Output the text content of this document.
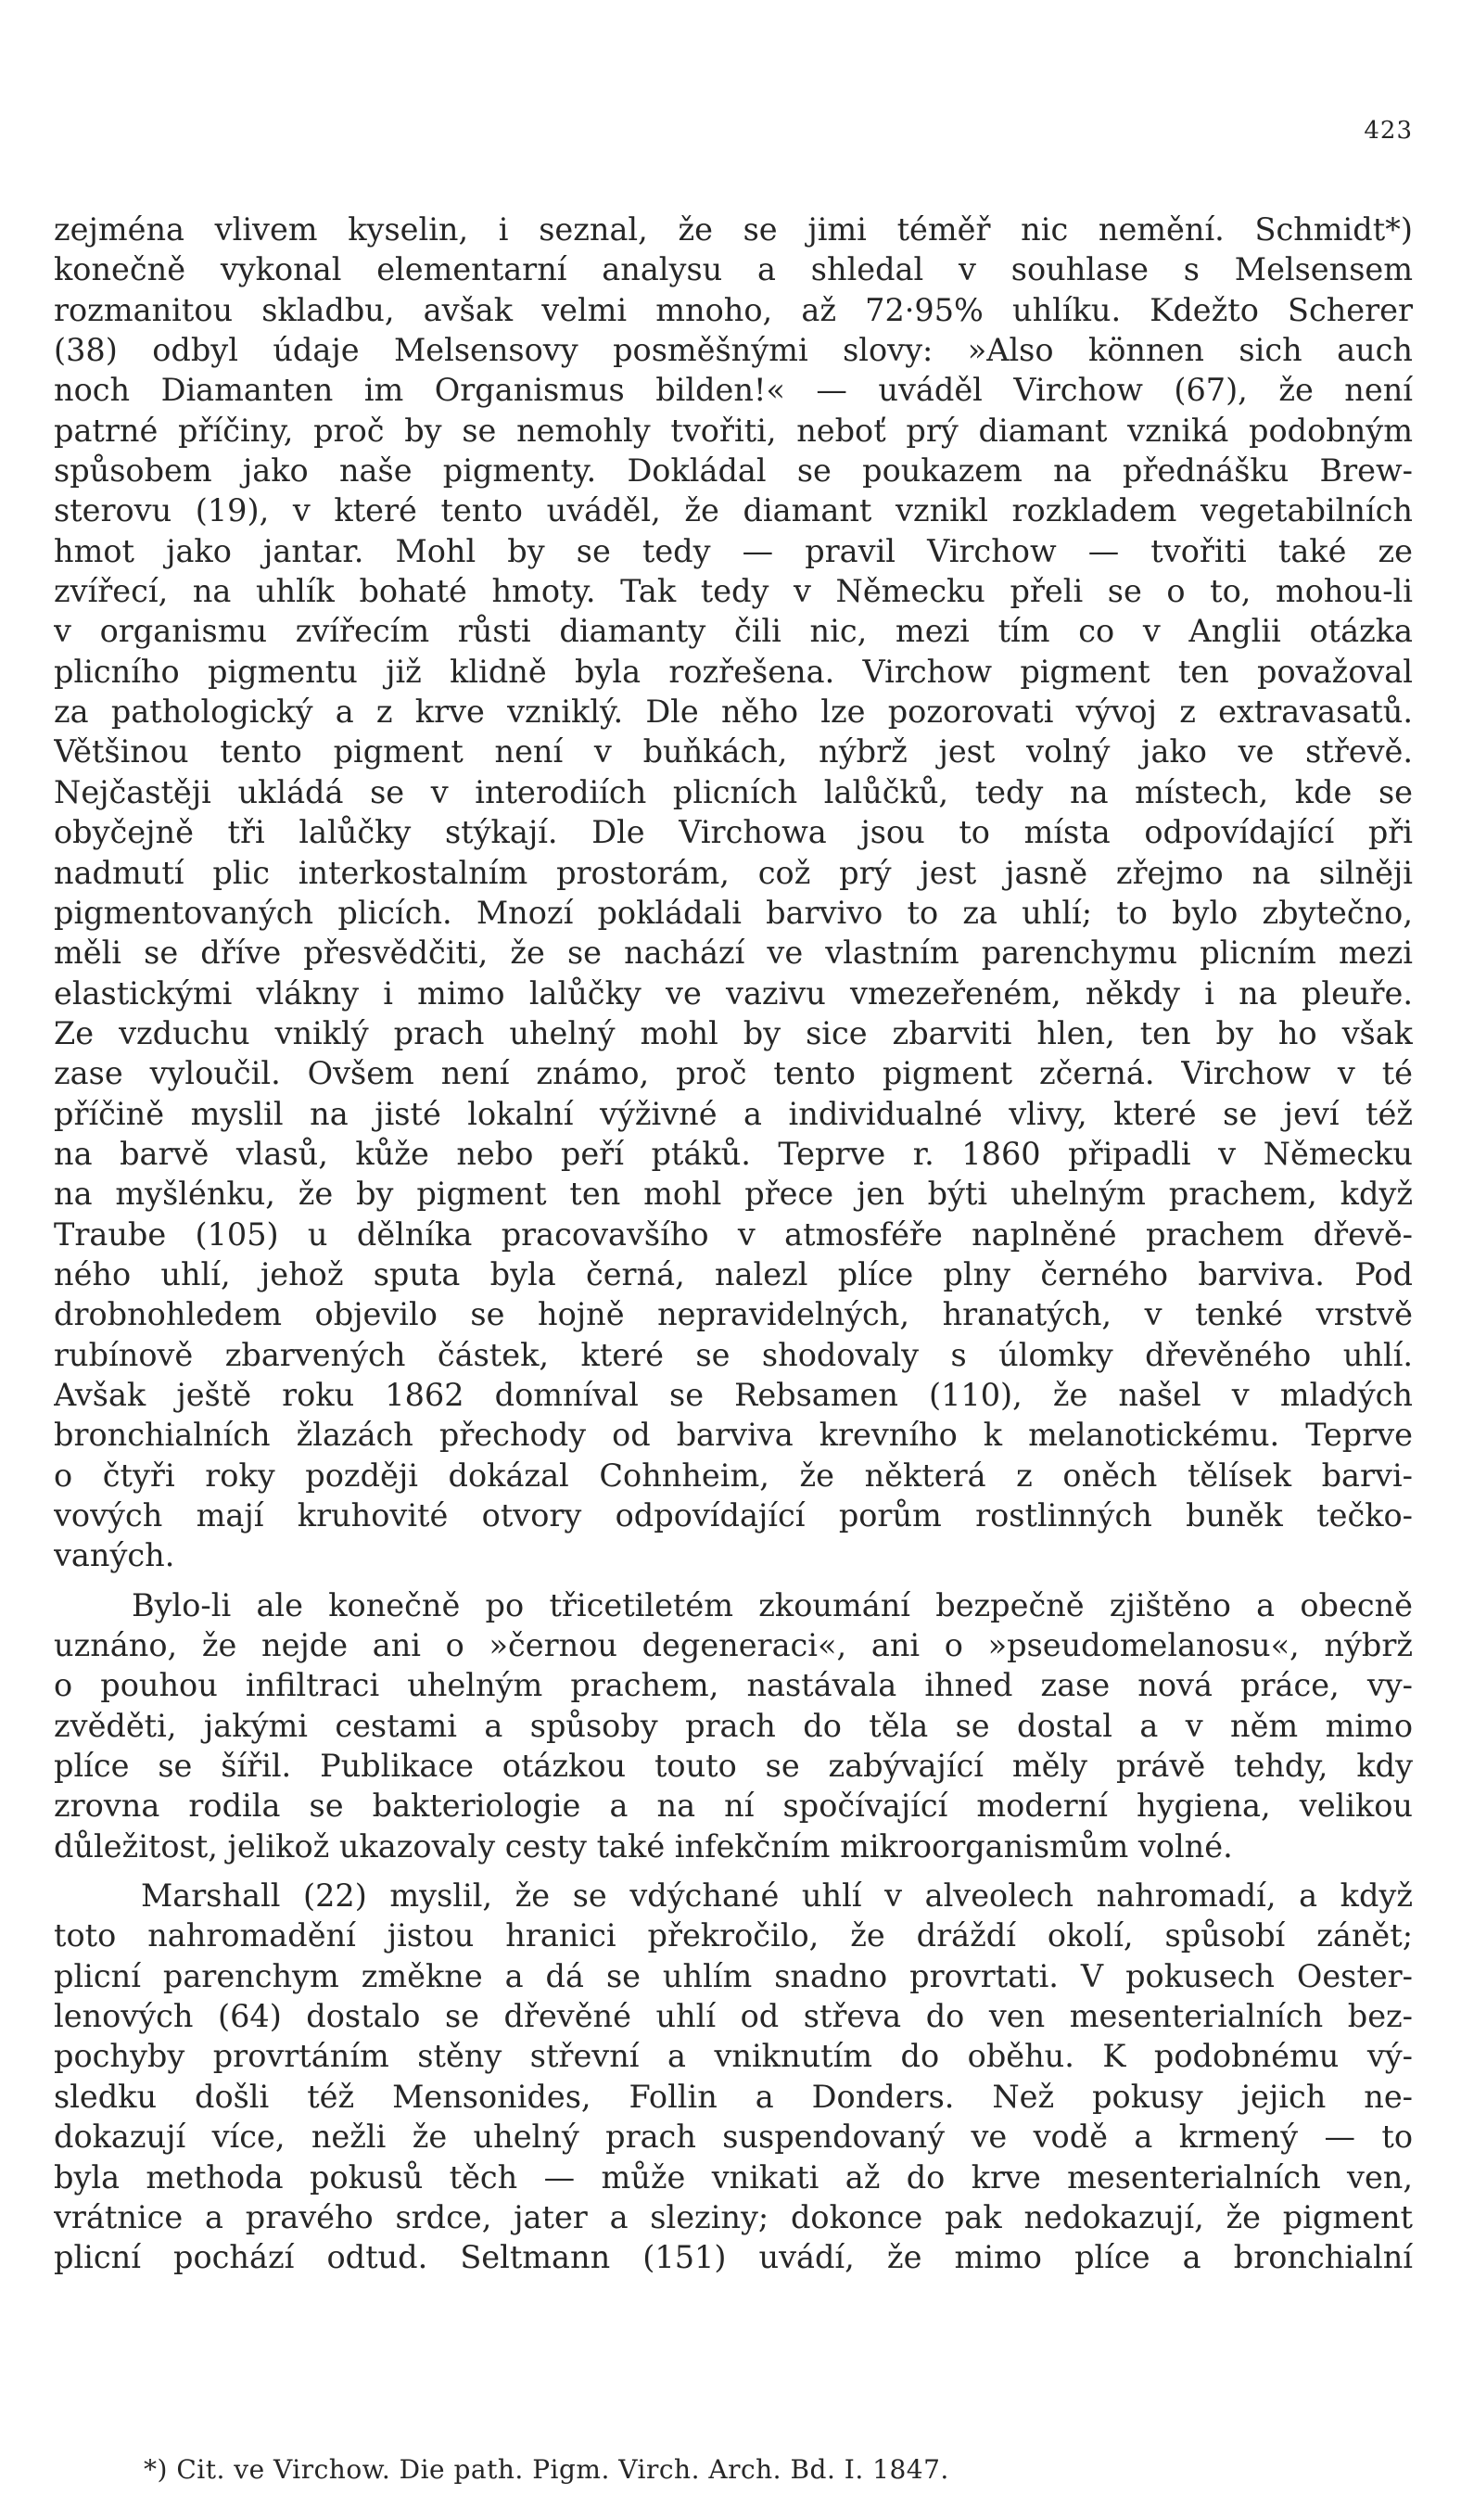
423
zejména vlivem kyselin, i seznal, že se jimi téměř nic nemění. Schmidt*)
konečně vykonal elementarní analysu a shledal v souhlase s Melsensem
rozmanitou skladbu, avšak velmi mnoho, až 72·95% uhlíku. Kdežto Scherer
(38) odbyl údaje Melsensovy posměšnými slovy: »Also können sich auch
noch Diamanten im Organismus bilden!« — uváděl Virchow (67), že není
patrné příčiny, proč by se nemohly tvořiti, neboť prý diamant vzniká podobným
spůsobem jako naše pigmenty. Dokládal se poukazem na přednášku Brew-
sterovu (19), v které tento uváděl, že diamant vznikl rozkladem vegetabilních
hmot jako jantar. Mohl by se tedy — pravil Virchow — tvořiti také ze
zvířecí, na uhlík bohaté hmoty. Tak tedy v Německu přeli se o to, mohou-li
v organismu zvířecím růsti diamanty čili nic, mezi tím co v Anglii otázka
plicního pigmentu již klidně byla rozřešena. Virchow pigment ten považoval
za pathologický a z krve vzniklý. Dle něho lze pozorovati vývoj z extravasatů.
Většinou tento pigment není v buňkách, nýbrž jest volný jako ve střevě.
Nejčastěji ukládá se v interodiích plicních lalůčků, tedy na místech, kde se
obyčejně tři lalůčky stýkají. Dle Virchowa jsou to místa odpovídající při
nadmutí plic interkostalním prostorám, což prý jest jasně zřejmo na silněji
pigmentovaných plicích. Mnozí pokládali barvivo to za uhlí; to bylo zbytečno,
měli se dříve přesvědčiti, že se nachází ve vlastním parenchymu plicním mezi
elastickými vlákny i mimo lalůčky ve vazivu vmezeřeném, někdy i na pleuře.
Ze vzduchu vniklý prach uhelný mohl by sice zbarviti hlen, ten by ho však
zase vyloučil. Ovšem není známo, proč tento pigment zčerná. Virchow v té
příčině myslil na jisté lokalní výživné a individualné vlivy, které se jeví též
na barvě vlasů, kůže nebo peří ptáků. Teprve r. 1860 připadli v Německu
na myšlénku, že by pigment ten mohl přece jen býti uhelným prachem, když
Traube (105) u dělníka pracovavšího v atmosféře naplněné prachem dřevě-
ného uhlí, jehož sputa byla černá, nalezl plíce plny černého barviva. Pod
drobnohledem objevilo se hojně nepravidelných, hranatých, v tenké vrstvě
rubínově zbarvených částek, které se shodovaly s úlomky dřevěného uhlí.
Avšak ještě roku 1862 domníval se Rebsamen (110), že našel v mladých
bronchialních žlazách přechody od barviva krevního k melanotickému. Teprve
o čtyři roky později dokázal Cohnheim, že některá z oněch tělísek barvi-
vových mají kruhovité otvory odpovídající porům rostlinných buněk tečko-
vaných.
Bylo-li ale konečně po třicetiletém zkoumání bezpečně zjištěno a obecně
uznáno, že nejde ani o »černou degeneraci«, ani o »pseudomelanosu«, nýbrž
o pouhou infiltraci uhelným prachem, nastávala ihned zase nová práce, vy-
zvěděti, jakými cestami a spůsoby prach do těla se dostal a v něm mimo
plíce se šířil. Publikace otázkou touto se zabývající měly právě tehdy, kdy
zrovna rodila se bakteriologie a na ní spočívající moderní hygiena, velikou
důležitost, jelikož ukazovaly cesty také infekčním mikroorganismům volné.
Marshall (22) myslil, že se vdýchané uhlí v alveolech nahromadí, a když
toto nahromadění jistou hranici překročilo, že dráždí okolí, spůsobí zánět;
plicní parenchym změkne a dá se uhlím snadno provrtati. V pokusech Oester-
lenových (64) dostalo se dřevěné uhlí od střeva do ven mesenterialních bez-
pochyby provrtáním stěny střevní a vniknutím do oběhu. K podobnému vý-
sledku došli též Mensonides, Follin a Donders. Než pokusy jejich ne-
dokazují více, nežli že uhelný prach suspendovaný ve vodě a krmený — to
byla methoda pokusů těch — může vnikati až do krve mesenterialních ven,
vrátnice a pravého srdce, jater a sleziny; dokonce pak nedokazují, že pigment
plicní pochází odtud. Seltmann (151) uvádí, že mimo plíce a bronchialní
*) Cit. ve Virchow. Die path. Pigm. Virch. Arch. Bd. I. 1847.
